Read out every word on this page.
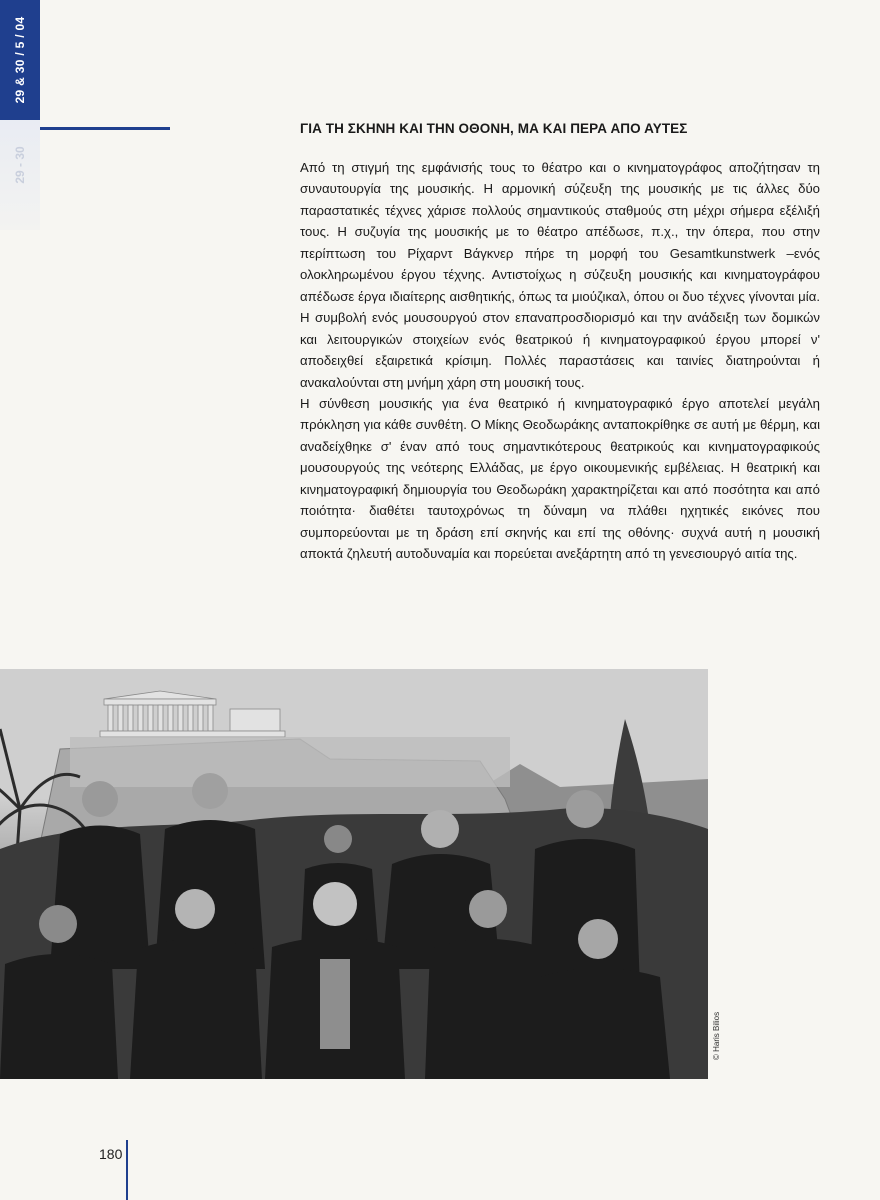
29 & 30 / 5 / 04
29 - 30
ΓΙΑ ΤΗ ΣΚΗΝΗ ΚΑΙ ΤΗΝ ΟΘΟΝΗ, ΜΑ ΚΑΙ ΠΕΡΑ ΑΠΟ ΑΥΤΕΣ

Από τη στιγμή της εμφάνισής τους το θέατρο και ο κινηματογράφος αποζήτησαν τη συναυτουργία της μουσικής. Η αρμονική σύζευξη της μουσικής με τις άλλες δύο παραστατικές τέχνες χάρισε πολλούς σημαντικούς σταθμούς στη μέχρι σήμερα εξέλιξή τους. Η συζυγία της μουσικής με το θέατρο απέδωσε, π.χ., την όπερα, που στην περίπτωση του Ρίχαρντ Βάγκνερ πήρε τη μορφή του Gesamtkunstwerk –ενός ολοκληρωμένου έργου τέχνης. Αντιστοίχως η σύζευξη μουσικής και κινηματογράφου απέδωσε έργα ιδιαίτερης αισθητικής, όπως τα μιούζικαλ, όπου οι δυο τέχνες γίνονται μία. Η συμβολή ενός μουσουργού στον επαναπροσδιορισμό και την ανάδειξη των δομικών και λειτουργικών στοιχείων ενός θεατρικού ή κινηματογραφικού έργου μπορεί ν' αποδειχθεί εξαιρετικά κρίσιμη. Πολλές παραστάσεις και ταινίες διατηρούνται ή ανακαλούνται στη μνήμη χάρη στη μουσική τους.

Η σύνθεση μουσικής για ένα θεατρικό ή κινηματογραφικό έργο αποτελεί μεγάλη πρόκληση για κάθε συνθέτη. Ο Μίκης Θεοδωράκης ανταποκρίθηκε σε αυτή με θέρμη, και αναδείχθηκε σ' έναν από τους σημαντικότερους θεατρικούς και κινηματογραφικούς μουσουργούς της νεότερης Ελλάδας, με έργο οικουμενικής εμβέλειας. Η θεατρική και κινηματογραφική δημιουργία του Θεοδωράκη χαρακτηρίζεται και από ποσότητα και από ποιότητα· διαθέτει ταυτοχρόνως τη δύναμη να πλάθει ηχητικές εικόνες που συμπορεύονται με τη δράση επί σκηνής και επί της οθόνης· συχνά αυτή η μουσική αποκτά ζηλευτή αυτοδυναμία και πορεύεται ανεξάρτητη από τη γενεσιουργό αιτία της.

© Haris Bilios
180
